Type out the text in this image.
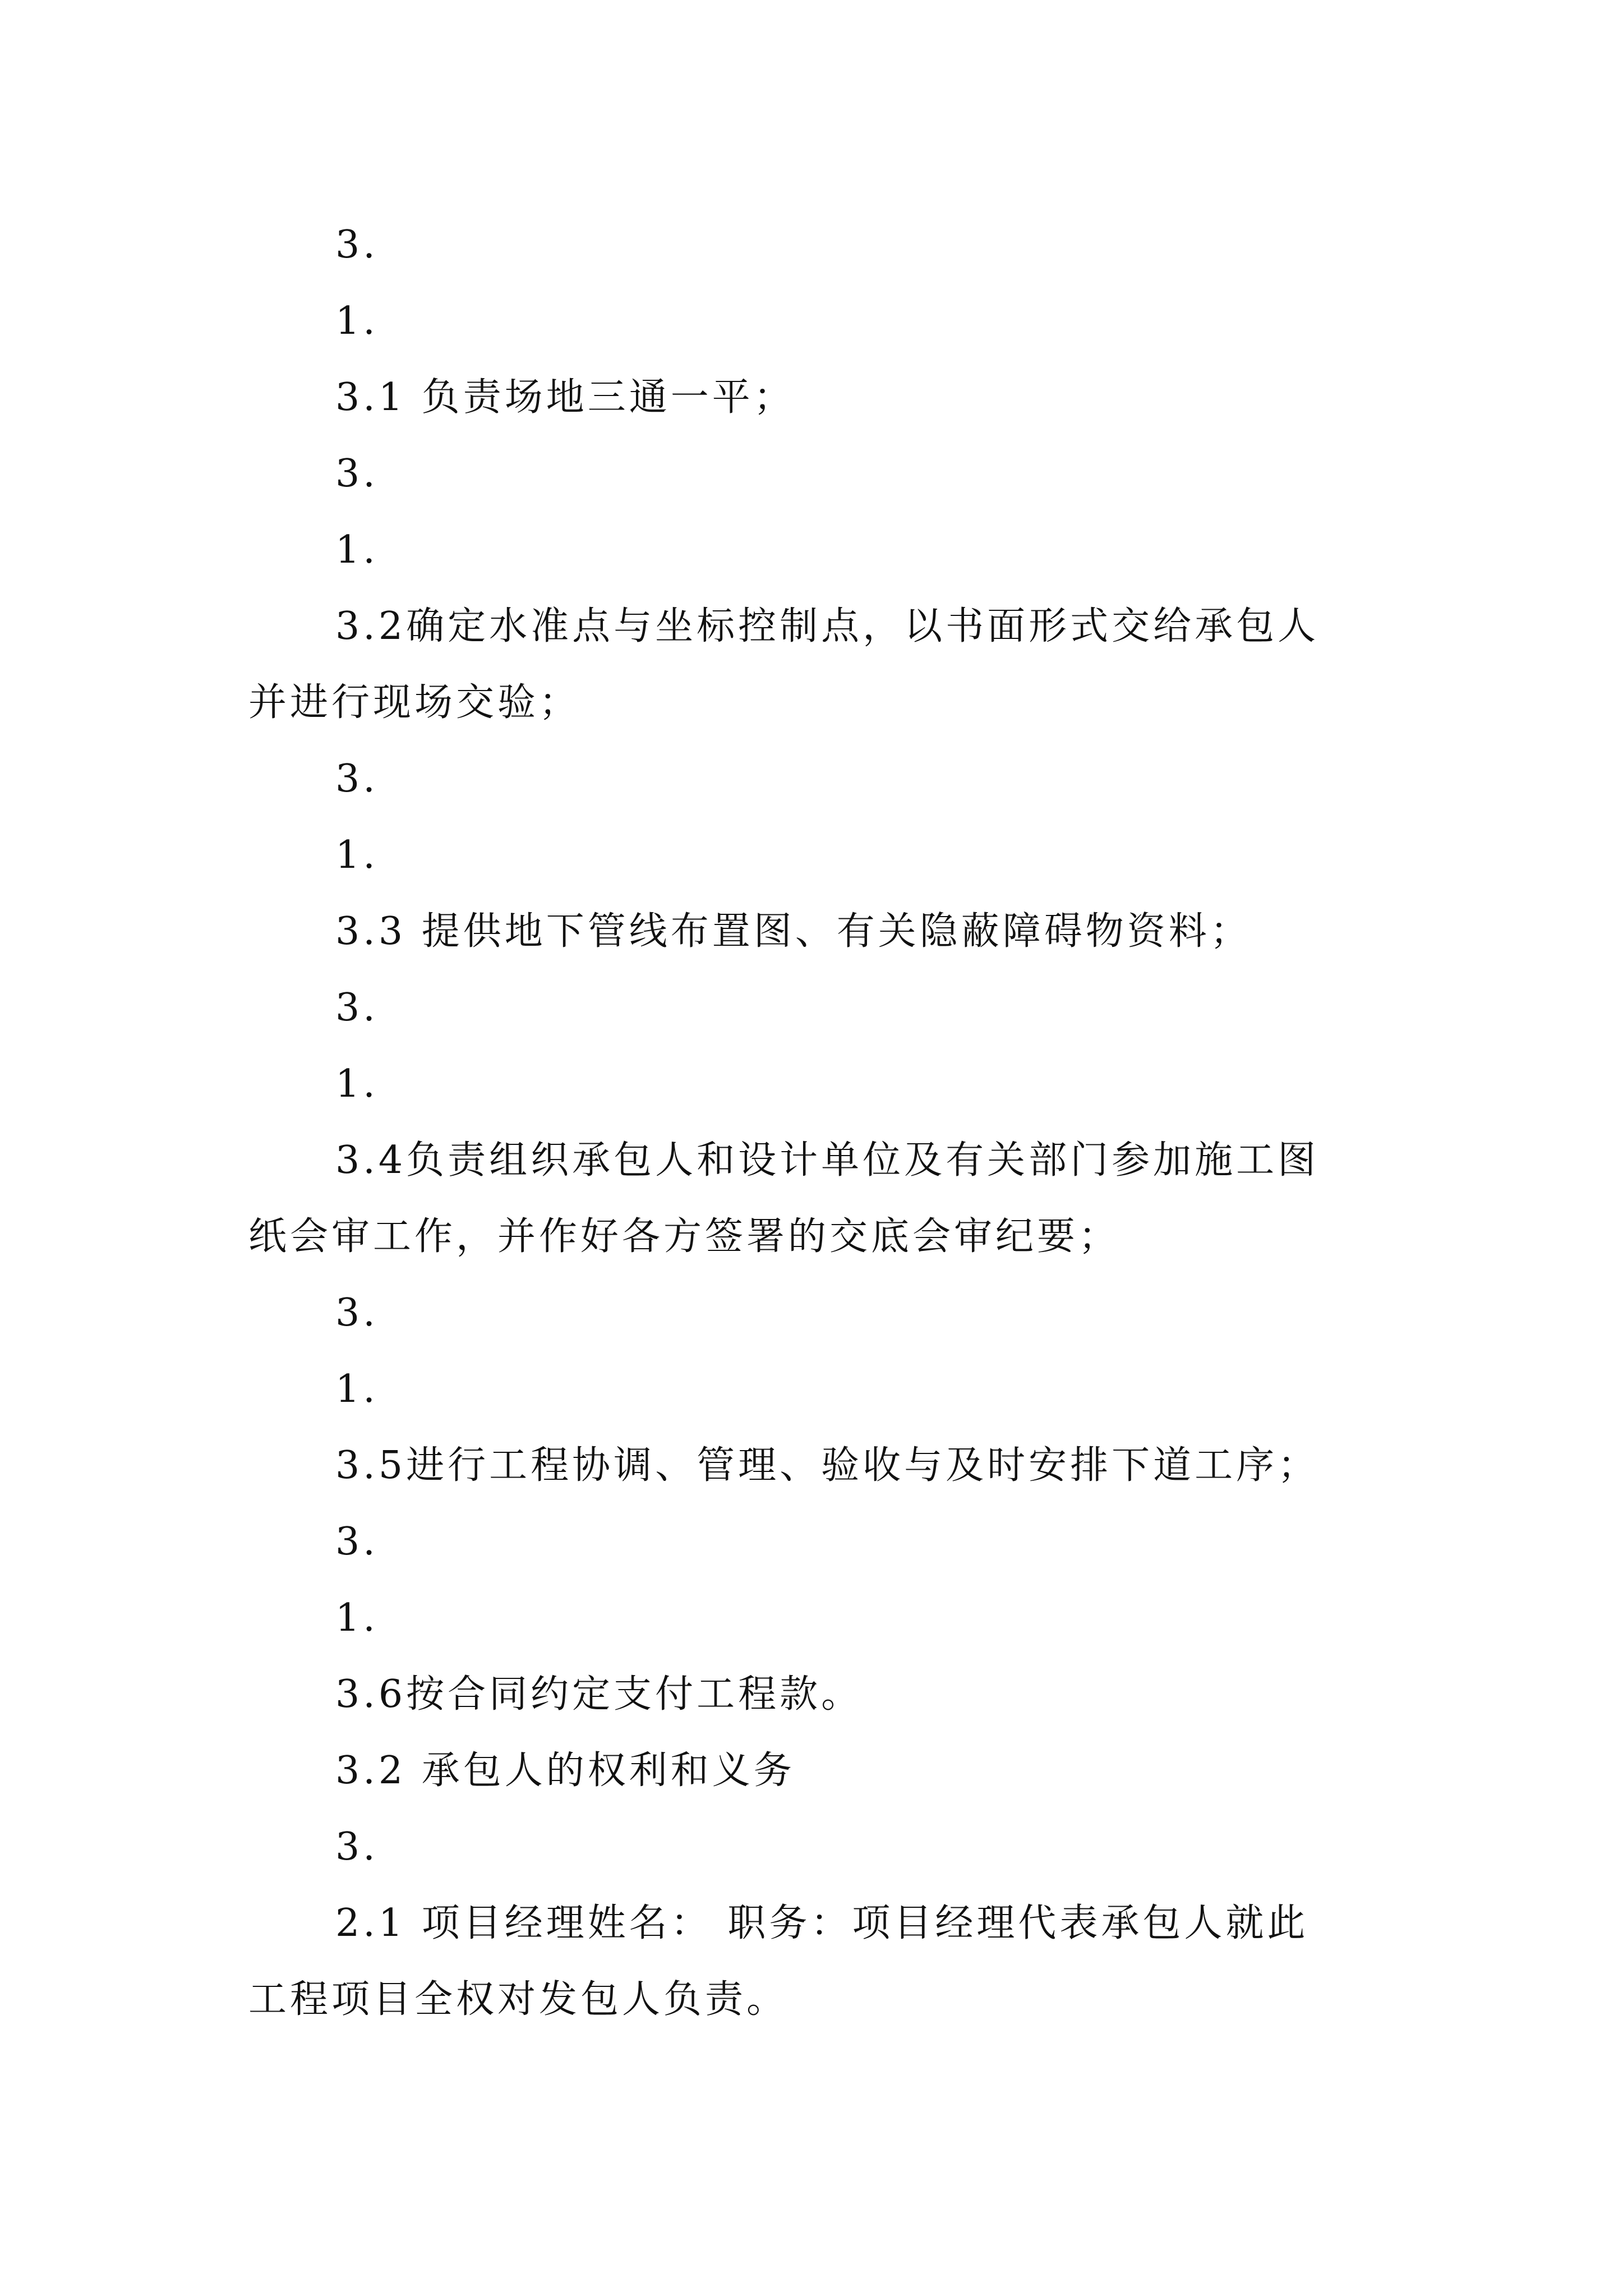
3.
1.
3.1 负责场地三通一平；
3.
1.
3.2确定水准点与坐标控制点，以书面形式交给承包人
并进行现场交验；
3.
1.
3.3 提供地下管线布置图、有关隐蔽障碍物资料；
3.
1.
3.4负责组织承包人和设计单位及有关部门参加施工图
纸会审工作，并作好各方签署的交底会审纪要；
3.
1.
3.5进行工程协调、管理、验收与及时安排下道工序；
3.
1.
3.6按合同约定支付工程款。
3.2 承包人的权利和义务
3.
2.1 项目经理姓名： 职务：项目经理代表承包人就此
工程项目全权对发包人负责。
